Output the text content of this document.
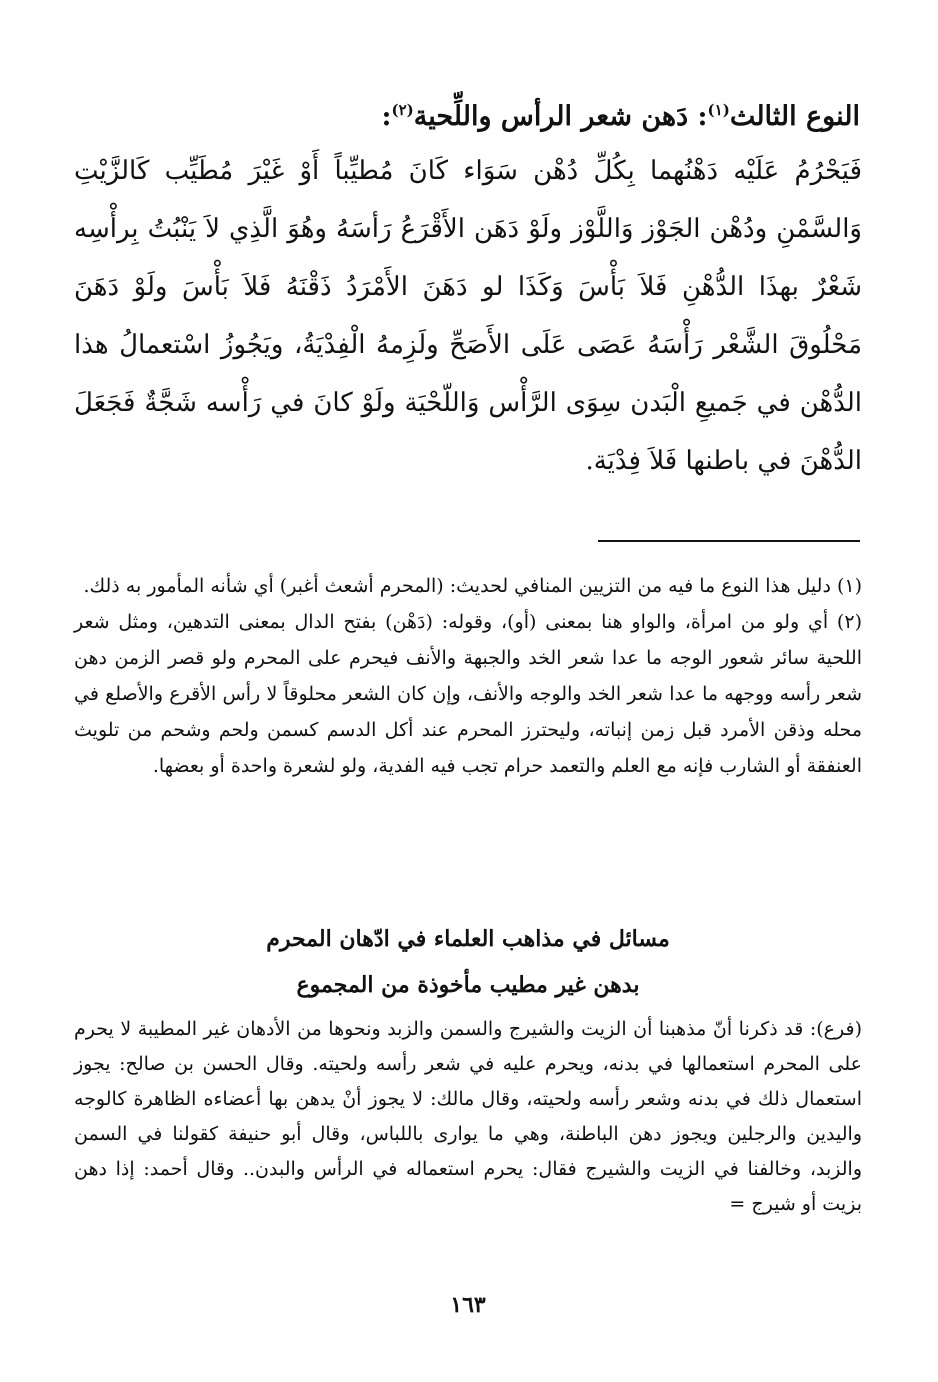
النوع الثالث$^{(١)}$: دَهن شعر الرأس واللِّحية$^{(٢)}$:
فَيَحْرُمُ عَلَيْه دَهْنُهما بِكُلِّ دُهْن سَوَاء كَانَ مُطيِّباً أَوْ غَيْرَ مُطَيِّب كَالزَّيْتِ وَالسَّمْنِ ودُهْن الجَوْز وَاللَّوْز ولَوْ دَهَن الأَقْرَعُ رَأسَهُ وهُوَ الَّذِي لاَ يَنْبُتُ بِرأْسِه شَعْرٌ بهذَا الدُّهْنِ فَلاَ بَأْسَ وَكَذَا لو دَهَنَ الأَمْرَدُ ذَقْنَهُ فَلاَ بَأْسَ ولَوْ دَهَنَ مَحْلُوقَ الشَّعْر رَأْسَهُ عَصَى عَلَى الأَصَحِّ ولَزِمهُ الْفِدْيَةُ، ويَجُوزُ اسْتعمالُ هذا الدُّهْن في جَميعِ الْبَدن سِوَى الرَّأْس وَاللّحْيَة ولَوْ كانَ في رَأْسه شَجَّةٌ فَجَعَلَ الدُّهْنَ في باطنها فَلاَ فِدْيَة.

(١) دليل هذا النوع ما فيه من التزيين المنافي لحديث: (المحرم أشعث أغبر) أي شأنه المأمور به ذلك.

(٢) أي ولو من امرأة، والواو هنا بمعنى (أو)، وقوله: (دَهْن) بفتح الدال بمعنى التدهين، ومثل شعر اللحية سائر شعور الوجه ما عدا شعر الخد والجبهة والأنف فيحرم على المحرم ولو قصر الزمن دهن شعر رأسه ووجهه ما عدا شعر الخد والوجه والأنف، وإن كان الشعر محلوقاً لا رأس الأقرع والأصلع في محله وذقن الأمرد قبل زمن إنباته، وليحترز المحرم عند أكل الدسم كسمن ولحم وشحم من تلويث العنفقة أو الشارب فإنه مع العلم والتعمد حرام تجب فيه الفدية، ولو لشعرة واحدة أو بعضها.

مسائل في مذاهب العلماء في ادّهان المحرم
بدهن غير مطيب مأخوذة من المجموع

(فرع): قد ذكرنا أنّ مذهبنا أن الزيت والشيرج والسمن والزبد ونحوها من الأدهان غير المطيبة لا يحرم على المحرم استعمالها في بدنه، ويحرم عليه في شعر رأسه ولحيته. وقال الحسن بن صالح: يجوز استعمال ذلك في بدنه وشعر رأسه ولحيته، وقال مالك: لا يجوز أنْ يدهن بها أعضاءه الظاهرة كالوجه واليدين والرجلين ويجوز دهن الباطنة، وهي ما يوارى باللباس، وقال أبو حنيفة كقولنا في السمن والزبد، وخالفنا في الزيت والشيرج فقال: يحرم استعماله في الرأس والبدن.. وقال أحمد: إذا دهن بزيت أو شيرج =

١٦٣
